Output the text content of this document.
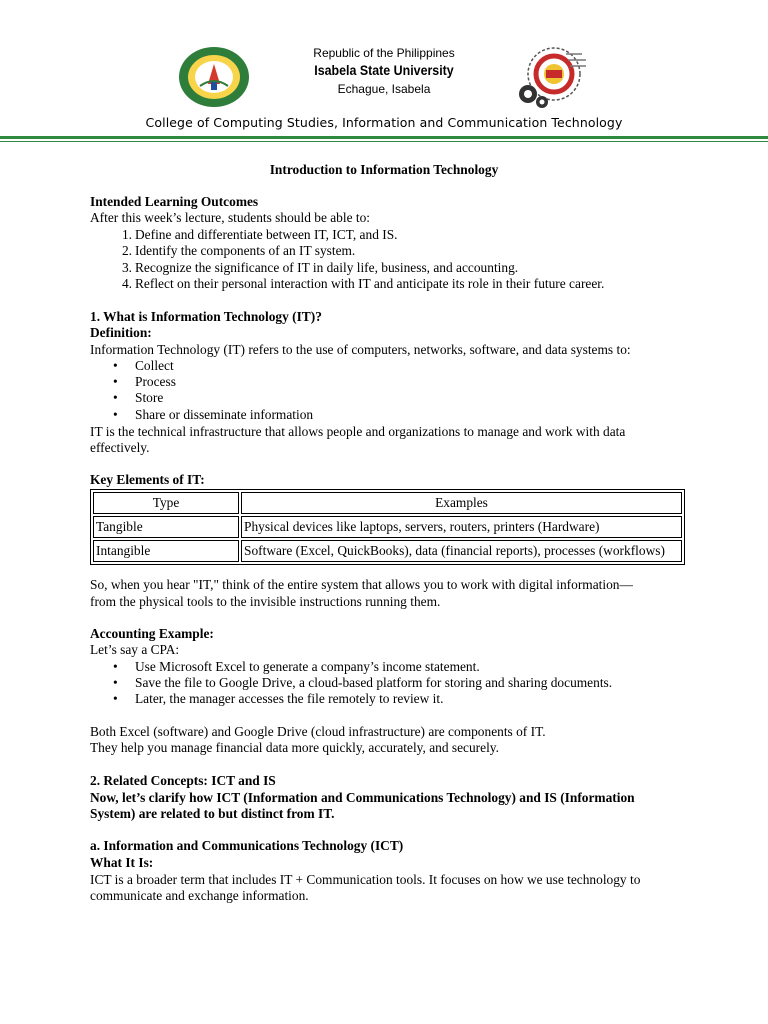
Republic of the Philippines
Isabela State University
Echague, Isabela
College of Computing Studies, Information and Communication Technology
Introduction to Information Technology
Intended Learning Outcomes
After this week’s lecture, students should be able to:
1. Define and differentiate between IT, ICT, and IS.
2. Identify the components of an IT system.
3. Recognize the significance of IT in daily life, business, and accounting.
4. Reflect on their personal interaction with IT and anticipate its role in their future career.
1. What is Information Technology (IT)?
Definition:
Information Technology (IT) refers to the use of computers, networks, software, and data systems to:
• Collect
• Process
• Store
• Share or disseminate information
IT is the technical infrastructure that allows people and organizations to manage and work with data
effectively.
Key Elements of IT:
Type	Examples
Tangible	Physical devices like laptops, servers, routers, printers (Hardware)
Intangible	Software (Excel, QuickBooks), data (financial reports), processes (workflows)
So, when you hear "IT," think of the entire system that allows you to work with digital information—
from the physical tools to the invisible instructions running them.
Accounting Example:
Let’s say a CPA:
• Use Microsoft Excel to generate a company’s income statement.
• Save the file to Google Drive, a cloud-based platform for storing and sharing documents.
• Later, the manager accesses the file remotely to review it.
Both Excel (software) and Google Drive (cloud infrastructure) are components of IT.
They help you manage financial data more quickly, accurately, and securely.
2. Related Concepts: ICT and IS
Now, let’s clarify how ICT (Information and Communications Technology) and IS (Information
System) are related to but distinct from IT.
a. Information and Communications Technology (ICT)
What It Is:
ICT is a broader term that includes IT + Communication tools. It focuses on how we use technology to
communicate and exchange information.
